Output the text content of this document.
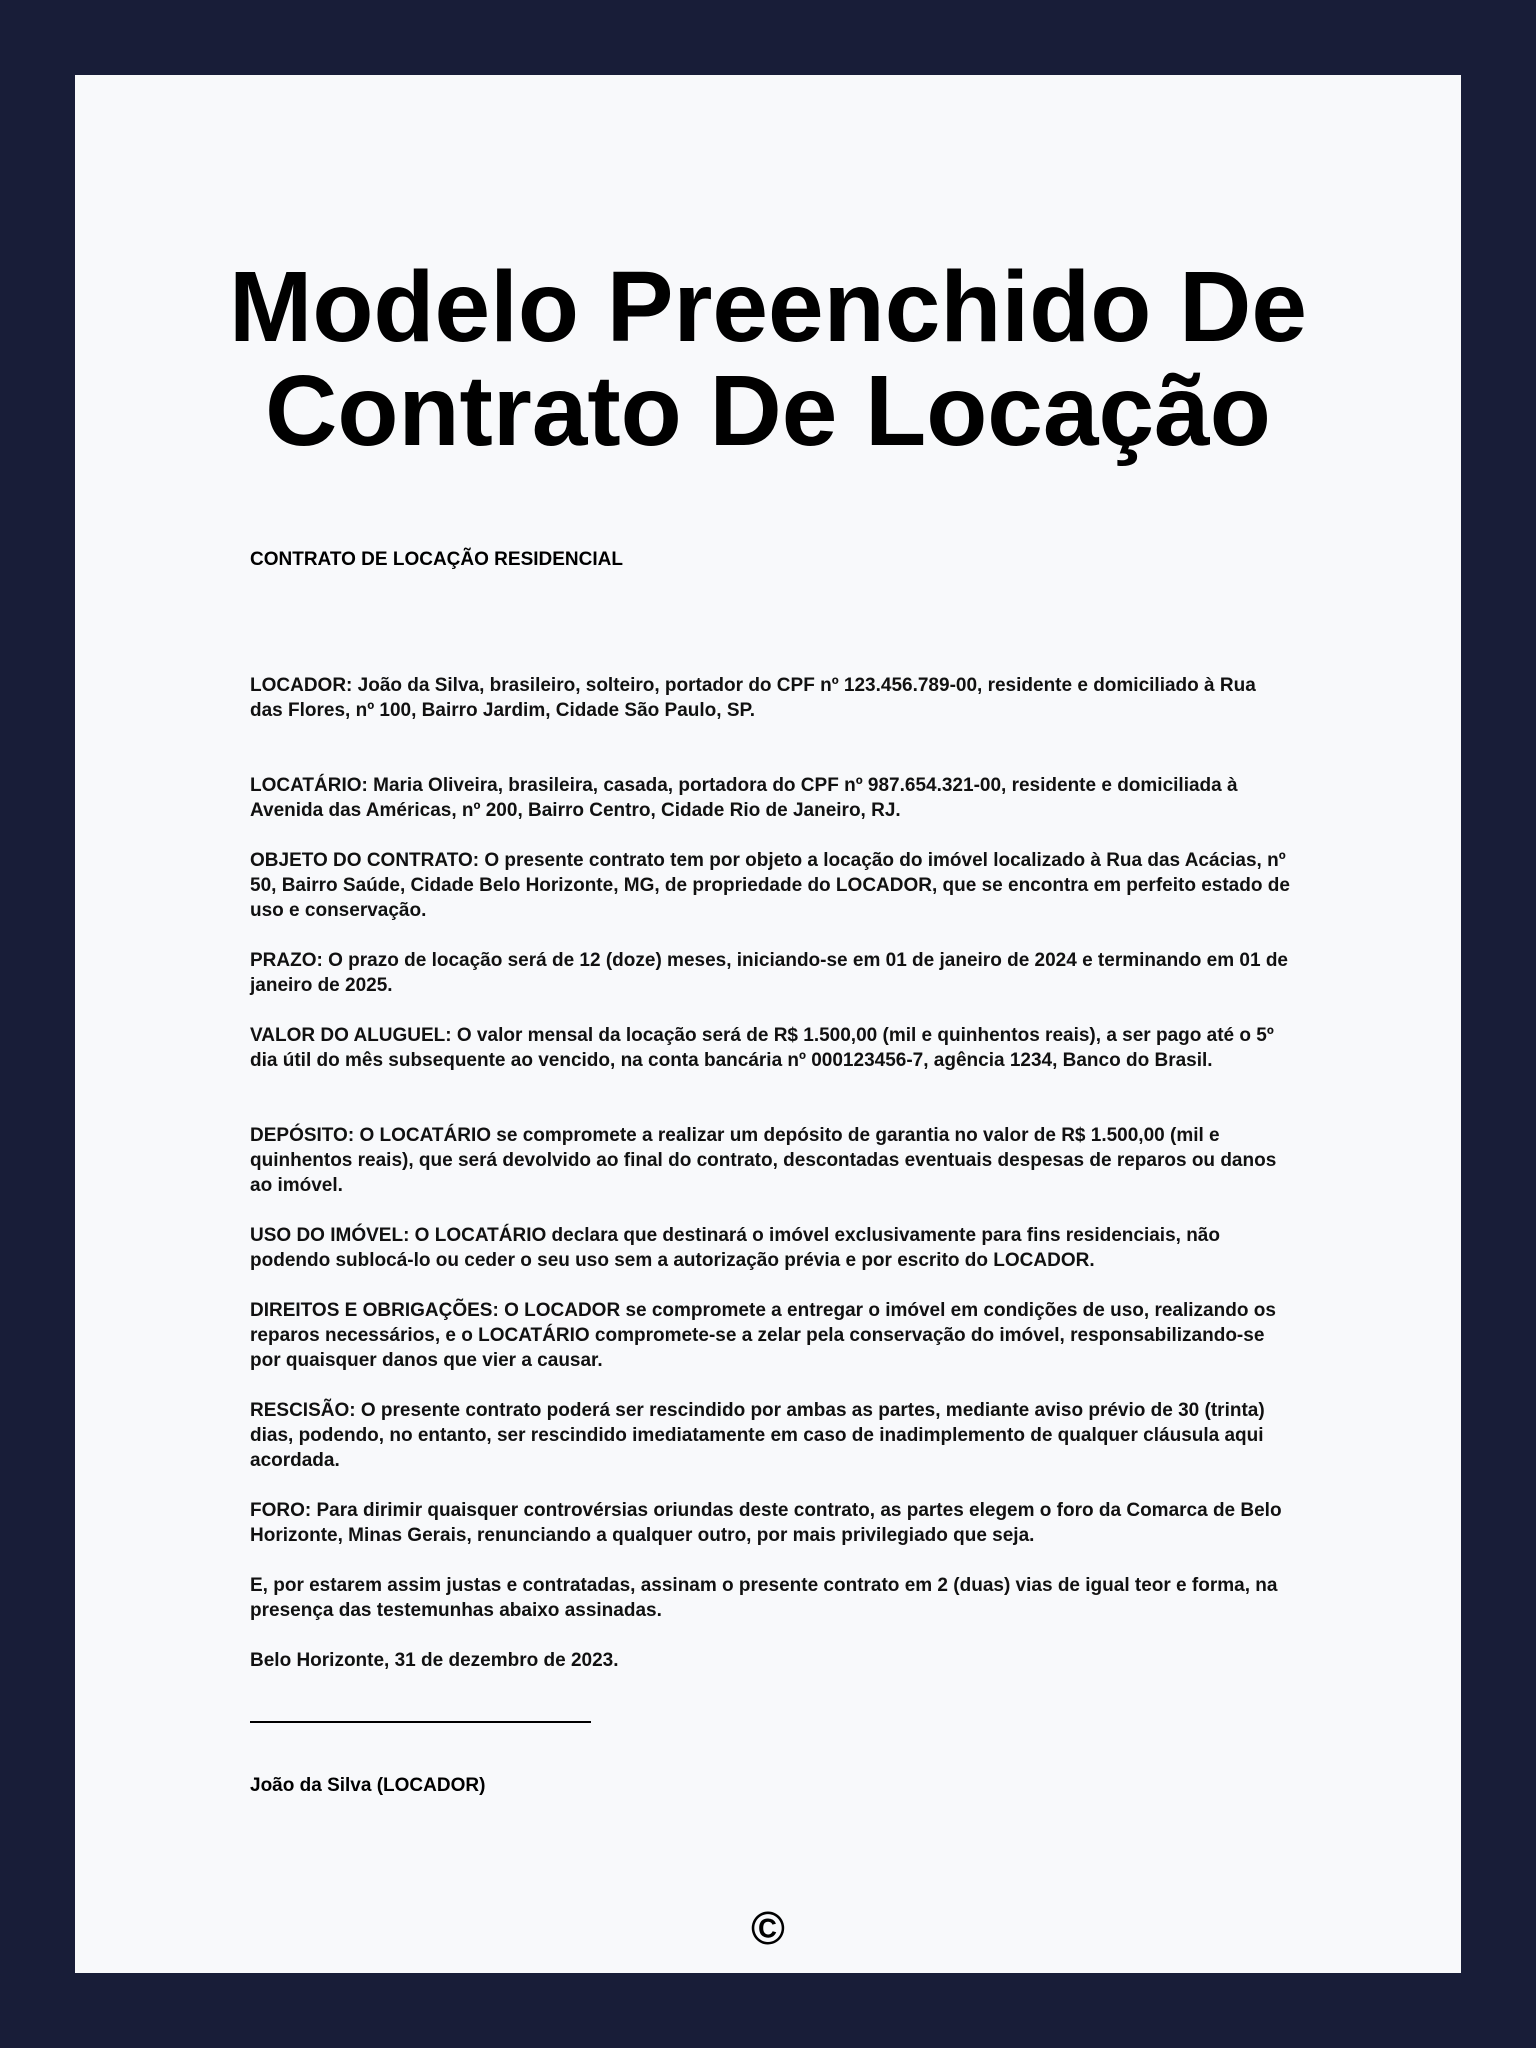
Modelo Preenchido De
Contrato De Locação

CONTRATO DE LOCAÇÃO RESIDENCIAL

LOCADOR: João da Silva, brasileiro, solteiro, portador do CPF nº 123.456.789-00, residente e domiciliado à Rua das Flores, nº 100, Bairro Jardim, Cidade São Paulo, SP.

LOCATÁRIO: Maria Oliveira, brasileira, casada, portadora do CPF nº 987.654.321-00, residente e domiciliada à Avenida das Américas, nº 200, Bairro Centro, Cidade Rio de Janeiro, RJ.

OBJETO DO CONTRATO: O presente contrato tem por objeto a locação do imóvel localizado à Rua das Acácias, nº 50, Bairro Saúde, Cidade Belo Horizonte, MG, de propriedade do LOCADOR, que se encontra em perfeito estado de uso e conservação.

PRAZO: O prazo de locação será de 12 (doze) meses, iniciando-se em 01 de janeiro de 2024 e terminando em 01 de janeiro de 2025.

VALOR DO ALUGUEL: O valor mensal da locação será de R$ 1.500,00 (mil e quinhentos reais), a ser pago até o 5º dia útil do mês subsequente ao vencido, na conta bancária nº 000123456-7, agência 1234, Banco do Brasil.

DEPÓSITO: O LOCATÁRIO se compromete a realizar um depósito de garantia no valor de R$ 1.500,00 (mil e quinhentos reais), que será devolvido ao final do contrato, descontadas eventuais despesas de reparos ou danos ao imóvel.

USO DO IMÓVEL: O LOCATÁRIO declara que destinará o imóvel exclusivamente para fins residenciais, não podendo sublocá-lo ou ceder o seu uso sem a autorização prévia e por escrito do LOCADOR.

DIREITOS E OBRIGAÇÕES: O LOCADOR se compromete a entregar o imóvel em condições de uso, realizando os reparos necessários, e o LOCATÁRIO compromete-se a zelar pela conservação do imóvel, responsabilizando-se por quaisquer danos que vier a causar.

RESCISÃO: O presente contrato poderá ser rescindido por ambas as partes, mediante aviso prévio de 30 (trinta) dias, podendo, no entanto, ser rescindido imediatamente em caso de inadimplemento de qualquer cláusula aqui acordada.

FORO: Para dirimir quaisquer controvérsias oriundas deste contrato, as partes elegem o foro da Comarca de Belo Horizonte, Minas Gerais, renunciando a qualquer outro, por mais privilegiado que seja.

E, por estarem assim justas e contratadas, assinam o presente contrato em 2 (duas) vias de igual teor e forma, na presença das testemunhas abaixo assinadas.

Belo Horizonte, 31 de dezembro de 2023.

João da Silva (LOCADOR)

©
